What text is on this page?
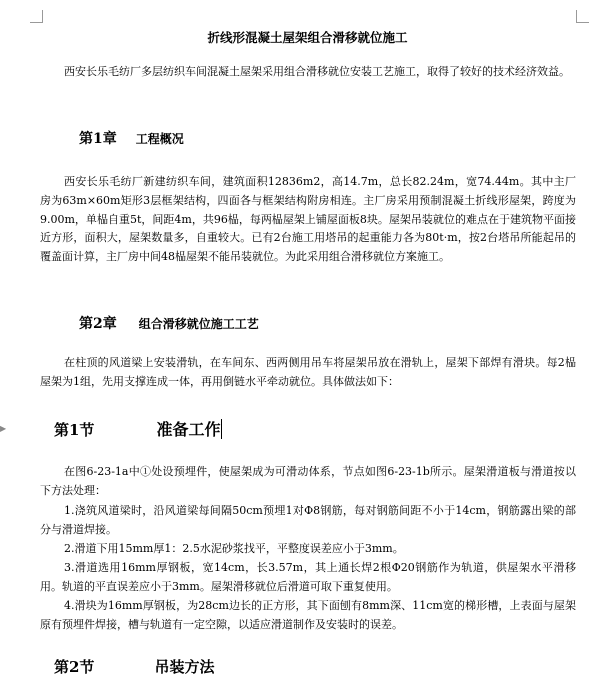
▶
折线形混凝土屋架组合滑移就位施工

西安长乐毛纺厂多层纺织车间混凝土屋架采用组合滑移就位安装工艺施工，取得了较好的技术经济效益。

第1章 工程概况

西安长乐毛纺厂新建纺织车间，建筑面积12836m2，高14.7m，总长82.24m，宽74.44m。其中主厂房为63m×60m矩形3层框架结构，四面各与框架结构附房相连。主厂房采用预制混凝土折线形屋架，跨度为9.00m，单榀自重5t，间距4m，共96榀，每两榀屋架上铺屋面板8块。屋架吊装就位的难点在于建筑物平面接近方形，面积大，屋架数量多，自重较大。已有2台施工用塔吊的起重能力各为80t·m，按2台塔吊所能起吊的覆盖面计算，主厂房中间48榀屋架不能吊装就位。为此采用组合滑移就位方案施工。

第2章 组合滑移就位施工工艺

在柱顶的风道梁上安装滑轨，在车间东、西两侧用吊车将屋架吊放在滑轨上，屋架下部焊有滑块。每2榀屋架为1组，先用支撑连成一体，再用倒链水平牵动就位。具体做法如下：

第1节	准备工作

在图6-23-1a中①处设预埋件，使屋架成为可滑动体系，节点如图6-23-1b所示。屋架滑道板与滑道按以下方法处理：

1.浇筑风道梁时，沿风道梁每间隔50cm预埋1对Φ8钢筋，每对钢筋间距不小于14cm，钢筋露出梁的部分与滑道焊接。

2.滑道下用15mm厚1：2.5水泥砂浆找平，平整度误差应小于3mm。

3.滑道选用16mm厚钢板，宽14cm，长3.57m，其上通长焊2根Φ20钢筋作为轨道，供屋架水平滑移用。轨道的平直误差应小于3mm。屋架滑移就位后滑道可取下重复使用。

4.滑块为16mm厚钢板，为28cm边长的正方形，其下面刨有8mm深、11cm宽的梯形槽，上表面与屋架原有预埋件焊接，槽与轨道有一定空隙，以适应滑道制作及安装时的误差。

第2节	吊装方法
